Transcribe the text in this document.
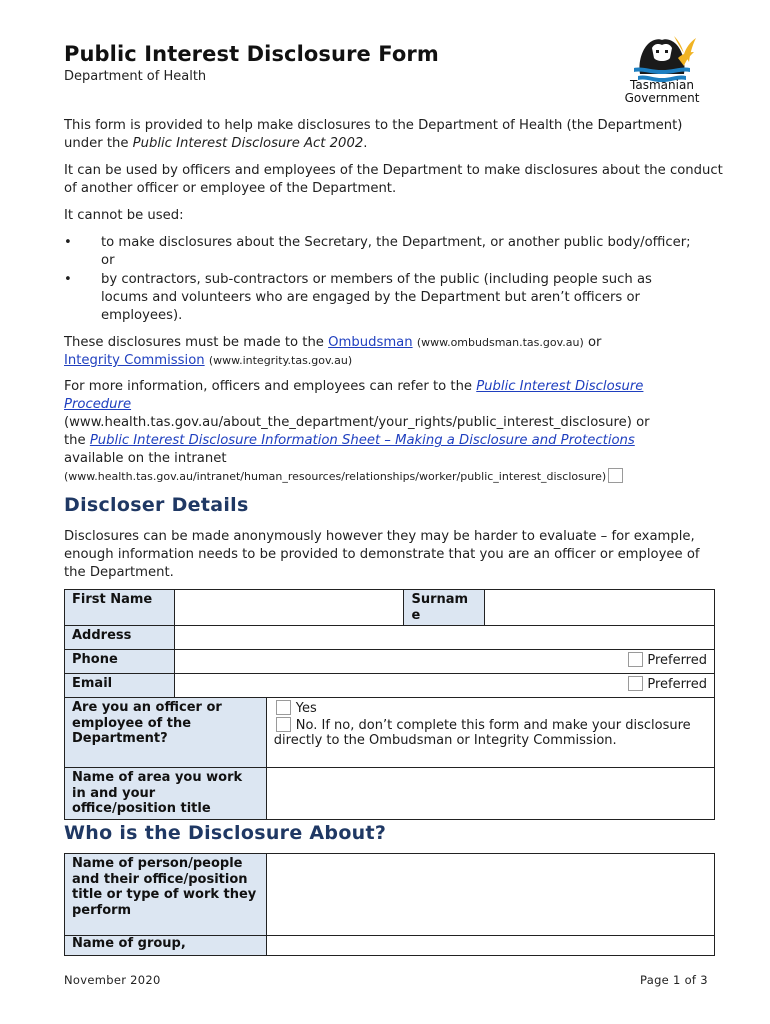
Public Interest Disclosure Form
Department of Health
Tasmanian
Government
This form is provided to help make disclosures to the Department of Health (the Department) under the Public Interest Disclosure Act 2002.
It can be used by officers and employees of the Department to make disclosures about the conduct of another officer or employee of the Department.
It cannot be used:
• to make disclosures about the Secretary, the Department, or another public body/officer; or
• by contractors, sub-contractors or members of the public (including people such as locums and volunteers who are engaged by the Department but aren’t officers or employees).
These disclosures must be made to the Ombudsman (www.ombudsman.tas.gov.au) or
Integrity Commission (www.integrity.tas.gov.au)
For more information, officers and employees can refer to the Public Interest Disclosure
Procedure
(www.health.tas.gov.au/about_the_department/your_rights/public_interest_disclosure) or
the Public Interest Disclosure Information Sheet – Making a Disclosure and Protections
available on the intranet
(www.health.tas.gov.au/intranet/human_resources/relationships/worker/public_interest_disclosure)
Discloser Details
Disclosures can be made anonymously however they may be harder to evaluate – for example, enough information needs to be provided to demonstrate that you are an officer or employee of the Department.
First Name			Surnam
e	
Address				
Phone	Preferred			
Email	Preferred			
Are you an officer or employee of the Department?		Yes
No. If no, don’t complete this form and make your disclosure directly to the Ombudsman or Integrity Commission.		

Name of area you work in and your office/position title				
Who is the Disclosure About?
Name of person/people and their office/position title or type of work they perform	
Name of group,	
November 2020	Page 1 of 3
